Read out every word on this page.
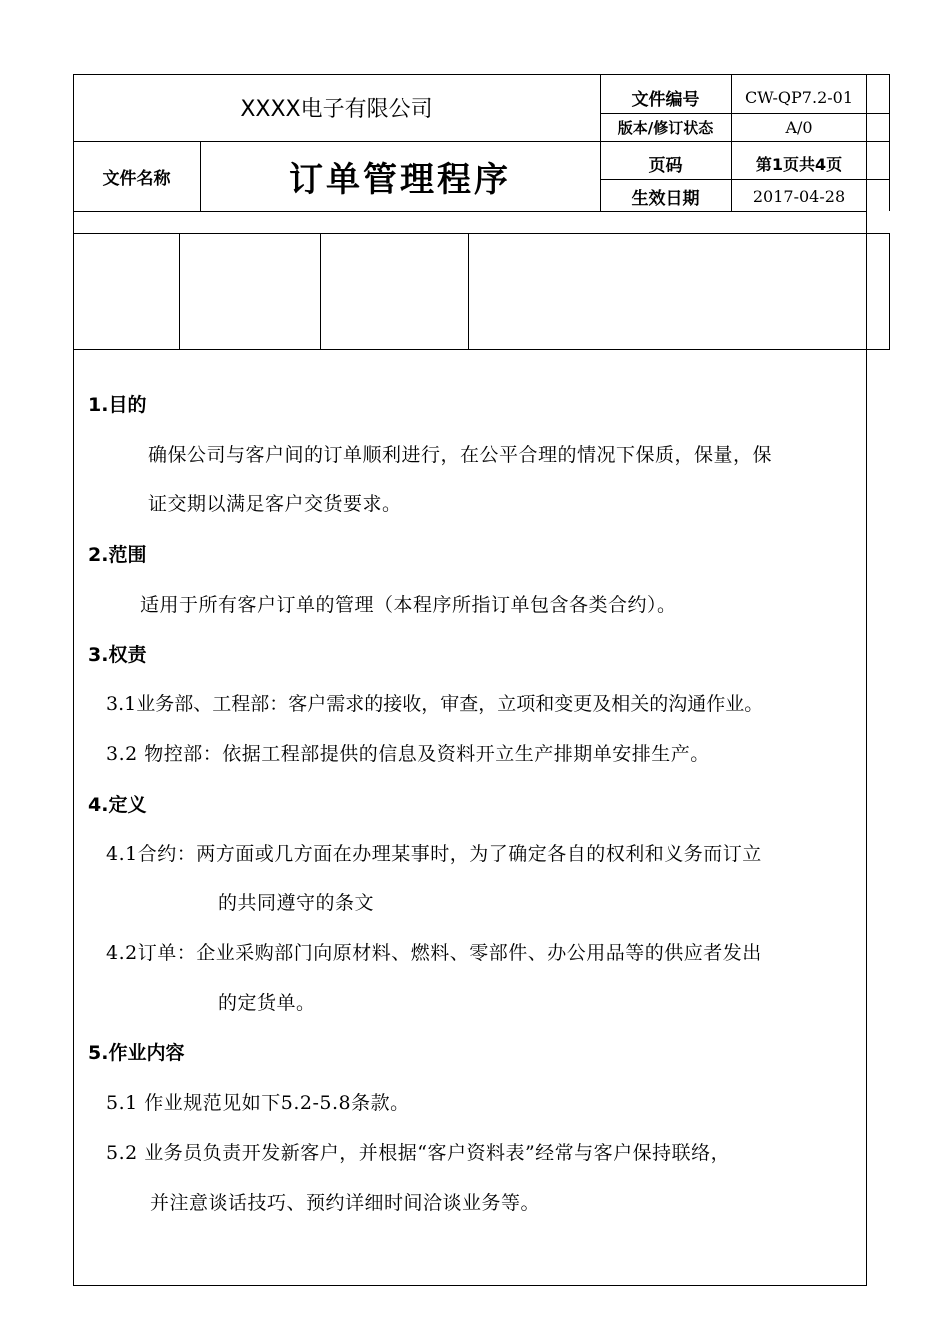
XXXX电子有限公司
文件名称	订单管理程序
文件编号	CW-QP7.2-01
版本/修订状态	A/0
页码	第1页共4页
生效日期	2017-04-28
1.目的
确保公司与客户间的订单顺利进行，在公平合理的情况下保质，保量，保
证交期以满足客户交货要求。
2.范围
适用于所有客户订单的管理（本程序所指订单包含各类合约）。
3.权责
3.1业务部、工程部：客户需求的接收，审查，立项和变更及相关的沟通作业。
3.2 物控部：依据工程部提供的信息及资料开立生产排期单安排生产。
4.定义
4.1合约：两方面或几方面在办理某事时，为了确定各自的权利和义务而订立
的共同遵守的条文
4.2订单：企业采购部门向原材料、燃料、零部件、办公用品等的供应者发出
的定货单。
5.作业内容
5.1 作业规范见如下5.2-5.8条款。
5.2 业务员负责开发新客户，并根据“客户资料表”经常与客户保持联络，
并注意谈话技巧、预约详细时间洽谈业务等。
